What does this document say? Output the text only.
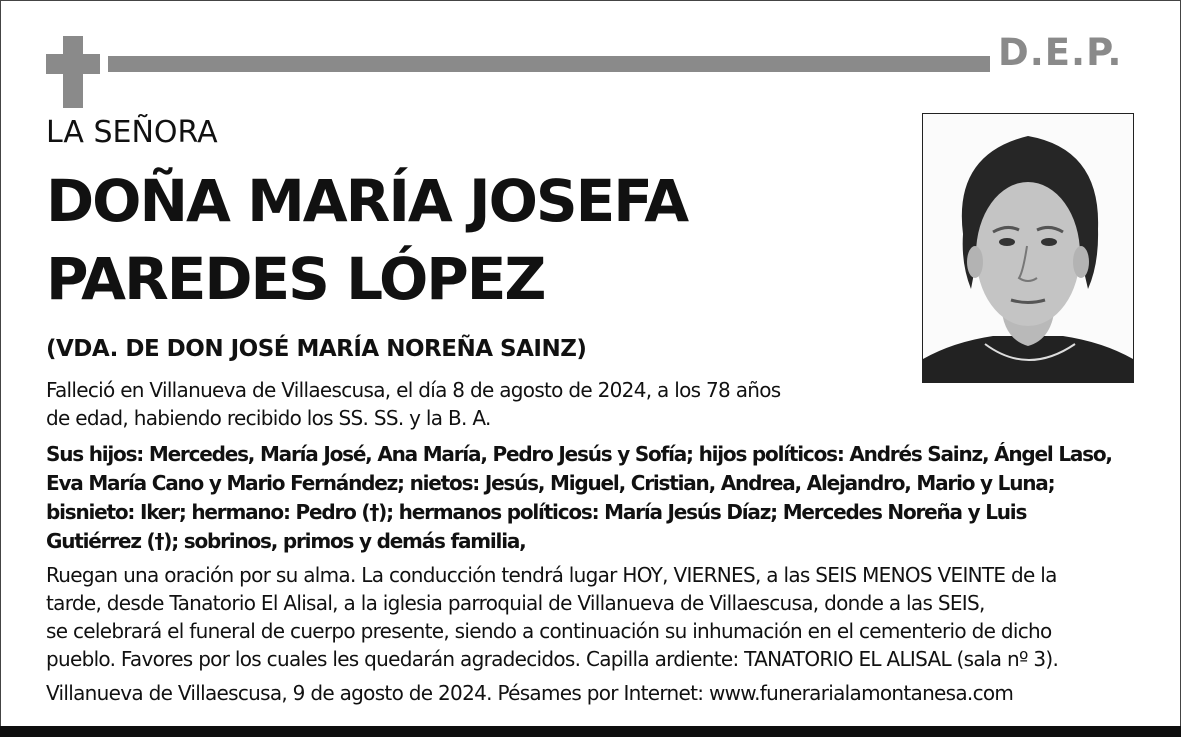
D.E.P.
LA SEÑORA
DOÑA MARÍA JOSEFA
PAREDES LÓPEZ
(VDA. DE DON JOSÉ MARÍA NOREÑA SAINZ)
Falleció en Villanueva de Villaescusa, el día 8 de agosto de 2024, a los 78 años
de edad, habiendo recibido los SS. SS. y la B. A.
Sus hijos: Mercedes, María José, Ana María, Pedro Jesús y Sofía; hijos políticos: Andrés Sainz, Ángel Laso,
Eva María Cano y Mario Fernández; nietos: Jesús, Miguel, Cristian, Andrea, Alejandro, Mario y Luna;
bisnieto: Iker; hermano: Pedro (†); hermanos políticos: María Jesús Díaz; Mercedes Noreña y Luis
Gutiérrez (†); sobrinos, primos y demás familia,
Ruegan una oración por su alma. La conducción tendrá lugar HOY, VIERNES, a las SEIS MENOS VEINTE de la
tarde, desde Tanatorio El Alisal, a la iglesia parroquial de Villanueva de Villaescusa, donde a las SEIS,
se celebrará el funeral de cuerpo presente, siendo a continuación su inhumación en el cementerio de dicho
pueblo. Favores por los cuales les quedarán agradecidos. Capilla ardiente: TANATORIO EL ALISAL (sala nº 3).
Villanueva de Villaescusa, 9 de agosto de 2024. Pésames por Internet: www.funerarialamontanesa.com
